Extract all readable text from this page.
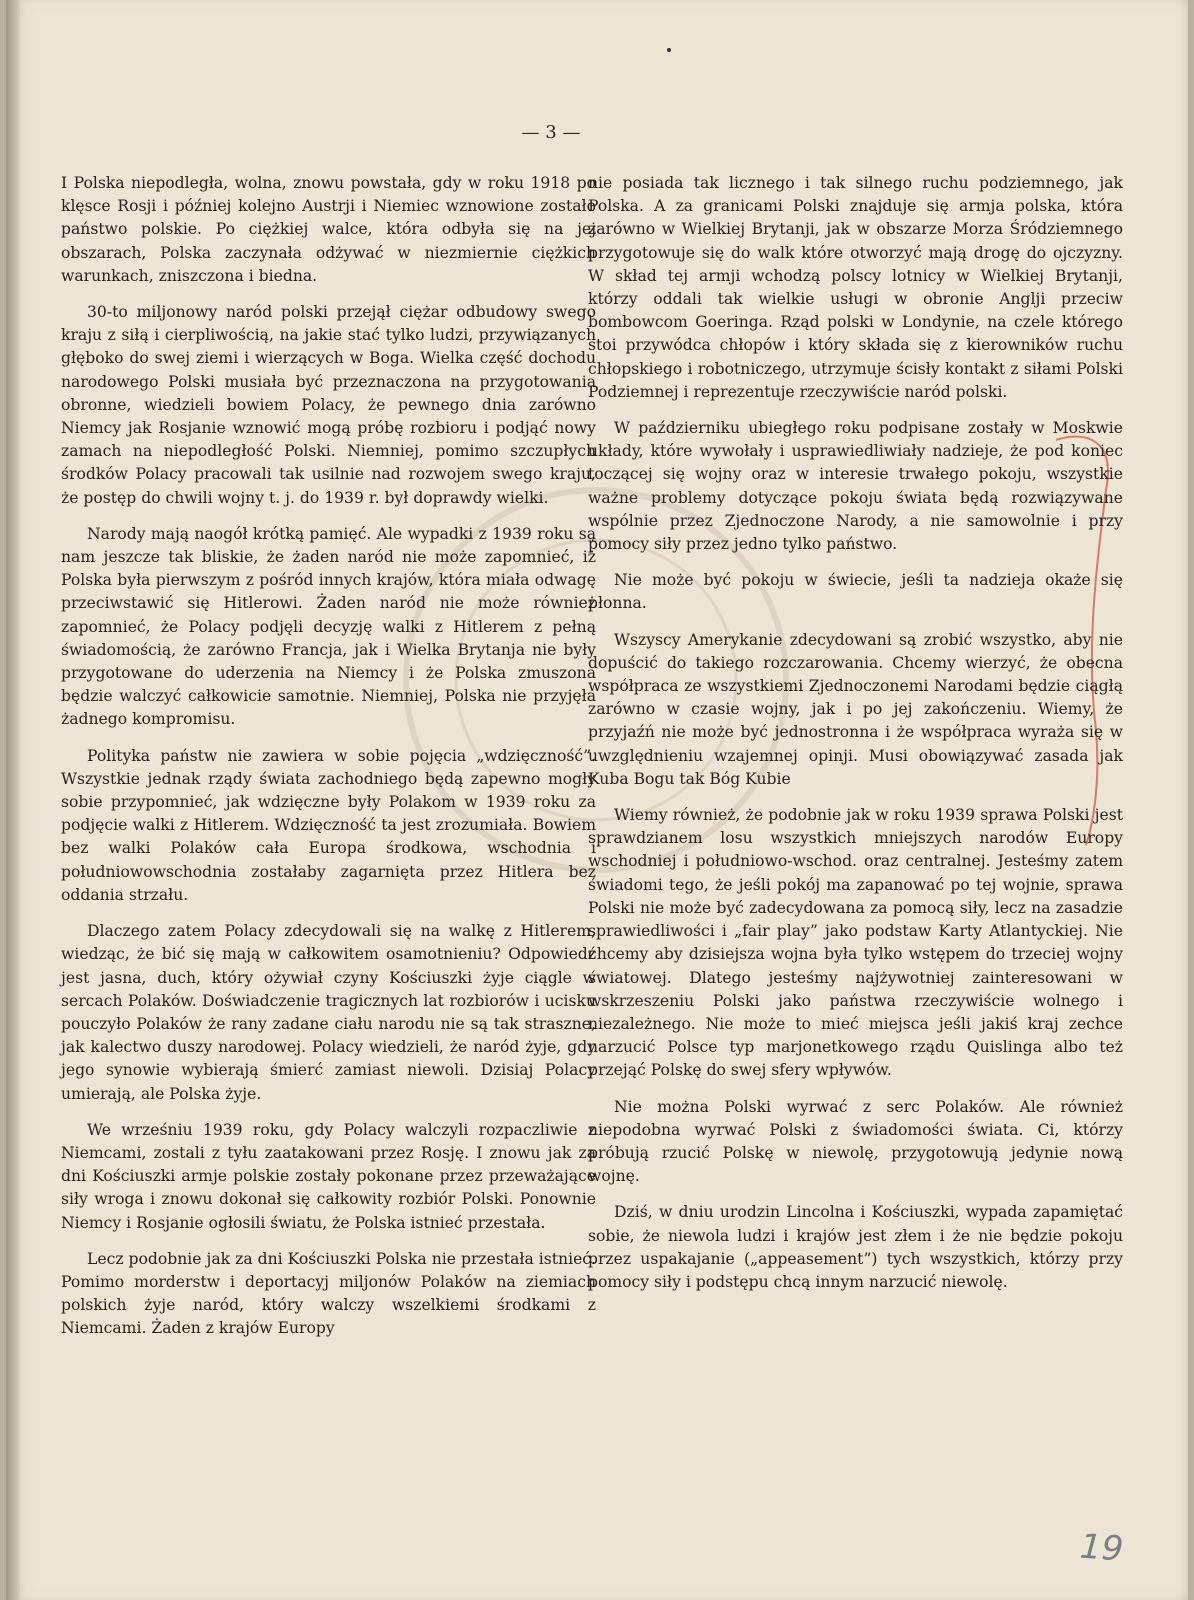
— 3 —

I Polska niepodległa, wolna, znowu powstała, gdy w roku 1918 po klęsce Rosji i później kolejno Austrji i Niemiec wznowione zostało państwo polskie. Po ciężkiej walce, która odbyła się na jej obszarach, Polska zaczynała odżywać w niezmiernie ciężkich warunkach, zniszczona i biedna.

30-to miljonowy naród polski przejął ciężar odbudowy swego kraju z siłą i cierpliwością, na jakie stać tylko ludzi, przywiązanych głęboko do swej ziemi i wierzących w Boga. Wielka część dochodu narodowego Polski musiała być przeznaczona na przygotowania obronne, wiedzieli bowiem Polacy, że pewnego dnia zarówno Niemcy jak Rosjanie wznowić mogą próbę rozbioru i podjąć nowy zamach na niepodległość Polski. Niemniej, pomimo szczupłych środków Polacy pracowali tak usilnie nad rozwojem swego kraju, że postęp do chwili wojny t. j. do 1939 r. był doprawdy wielki.

Narody mają naogół krótką pamięć. Ale wypadki z 1939 roku są nam jeszcze tak bliskie, że żaden naród nie może zapomnieć, iż Polska była pierwszym z pośród innych krajów, która miała odwagę przeciwstawić się Hitlerowi. Żaden naród nie może również zapomnieć, że Polacy podjęli decyzję walki z Hitlerem z pełną świadomością, że zarówno Francja, jak i Wielka Brytanja nie były przygotowane do uderzenia na Niemcy i że Polska zmuszona będzie walczyć całkowicie samotnie. Niemniej, Polska nie przyjęła żadnego kompromisu.

Polityka państw nie zawiera w sobie pojęcia „wdzięczność”. Wszystkie jednak rządy świata zachodniego będą zapewno mogły sobie przypomnieć, jak wdzięczne były Polakom w 1939 roku za podjęcie walki z Hitlerem. Wdzięczność ta jest zrozumiała. Bowiem bez walki Polaków cała Europa środkowa, wschodnia i południowowschodnia zostałaby zagarnięta przez Hitlera bez oddania strzału.

Dlaczego zatem Polacy zdecydowali się na walkę z Hitlerem, wiedząc, że bić się mają w całkowitem osamotnieniu? Odpowiedź jest jasna, duch, który ożywiał czyny Kościuszki żyje ciągle w sercach Polaków. Doświadczenie tragicznych lat rozbiorów i ucisku pouczyło Polaków że rany zadane ciału narodu nie są tak straszne, jak kalectwo duszy narodowej. Polacy wiedzieli, że naród żyje, gdy jego synowie wybierają śmierć zamiast niewoli. Dzisiaj Polacy umierają, ale Polska żyje.

We wrześniu 1939 roku, gdy Polacy walczyli rozpaczliwie z Niemcami, zostali z tyłu zaatakowani przez Rosję. I znowu jak za dni Kościuszki armje polskie zostały pokonane przez przeważające siły wroga i znowu dokonał się całkowity rozbiór Polski. Ponownie Niemcy i Rosjanie ogłosili światu, że Polska istnieć przestała.

Lecz podobnie jak za dni Kościuszki Polska nie przestała istnieć. Pomimo morderstw i deportacyj miljonów Polaków na ziemiach polskich żyje naród, który walczy wszelkiemi środkami z Niemcami. Żaden z krajów Europy

nie posiada tak licznego i tak silnego ruchu podziemnego, jak Polska. A za granicami Polski znajduje się armja polska, która zarówno w Wielkiej Brytanji, jak w obszarze Morza Śródziemnego przygotowuje się do walk które otworzyć mają drogę do ojczyzny. W skład tej armji wchodzą polscy lotnicy w Wielkiej Brytanji, którzy oddali tak wielkie usługi w obronie Anglji przeciw bombowcom Goeringa. Rząd polski w Londynie, na czele którego stoi przywódca chłopów i który składa się z kierowników ruchu chłopskiego i robotniczego, utrzymuje ścisły kontakt z siłami Polski Podziemnej i reprezentuje rzeczywiście naród polski.

W październiku ubiegłego roku podpisane zostały w Moskwie układy, które wywołały i usprawiedliwiały nadzieje, że pod koniec toczącej się wojny oraz w interesie trwałego pokoju, wszystkie ważne problemy dotyczące pokoju świata będą rozwiązywane wspólnie przez Zjednoczone Narody, a nie samowolnie i przy pomocy siły przez jedno tylko państwo.

Nie może być pokoju w świecie, jeśli ta nadzieja okaże się płonna.

Wszyscy Amerykanie zdecydowani są zrobić wszystko, aby nie dopuścić do takiego rozczarowania. Chcemy wierzyć, że obecna współpraca ze wszystkiemi Zjednoczonemi Narodami będzie ciągłą zarówno w czasie wojny, jak i po jej zakończeniu. Wiemy, że przyjaźń nie może być jednostronna i że współpraca wyraża się w uwzględnieniu wzajemnej opinji. Musi obowiązywać zasada jak Kuba Bogu tak Bóg Kubie

Wiemy również, że podobnie jak w roku 1939 sprawa Polski jest sprawdzianem losu wszystkich mniejszych narodów Europy wschodniej i południowo-wschod. oraz centralnej. Jesteśmy zatem świadomi tego, że jeśli pokój ma zapanować po tej wojnie, sprawa Polski nie może być zadecydowana za pomocą siły, lecz na zasadzie sprawiedliwości i „fair play” jako podstaw Karty Atlantyckiej. Nie chcemy aby dzisiejsza wojna była tylko wstępem do trzeciej wojny światowej. Dlatego jesteśmy najżywotniej zainteresowani w wskrzeszeniu Polski jako państwa rzeczywiście wolnego i niezależnego. Nie może to mieć miejsca jeśli jakiś kraj zechce narzucić Polsce typ marjonetkowego rządu Quislinga albo też przejąć Polskę do swej sfery wpływów.

Nie można Polski wyrwać z serc Polaków. Ale również niepodobna wyrwać Polski z świadomości świata. Ci, którzy próbują rzucić Polskę w niewolę, przygotowują jedynie nową wojnę.

Dziś, w dniu urodzin Lincolna i Kościuszki, wypada zapamiętać sobie, że niewola ludzi i krajów jest złem i że nie będzie pokoju przez uspakajanie („appeasement”) tych wszystkich, którzy przy pomocy siły i podstępu chcą innym narzucić niewolę.

19
